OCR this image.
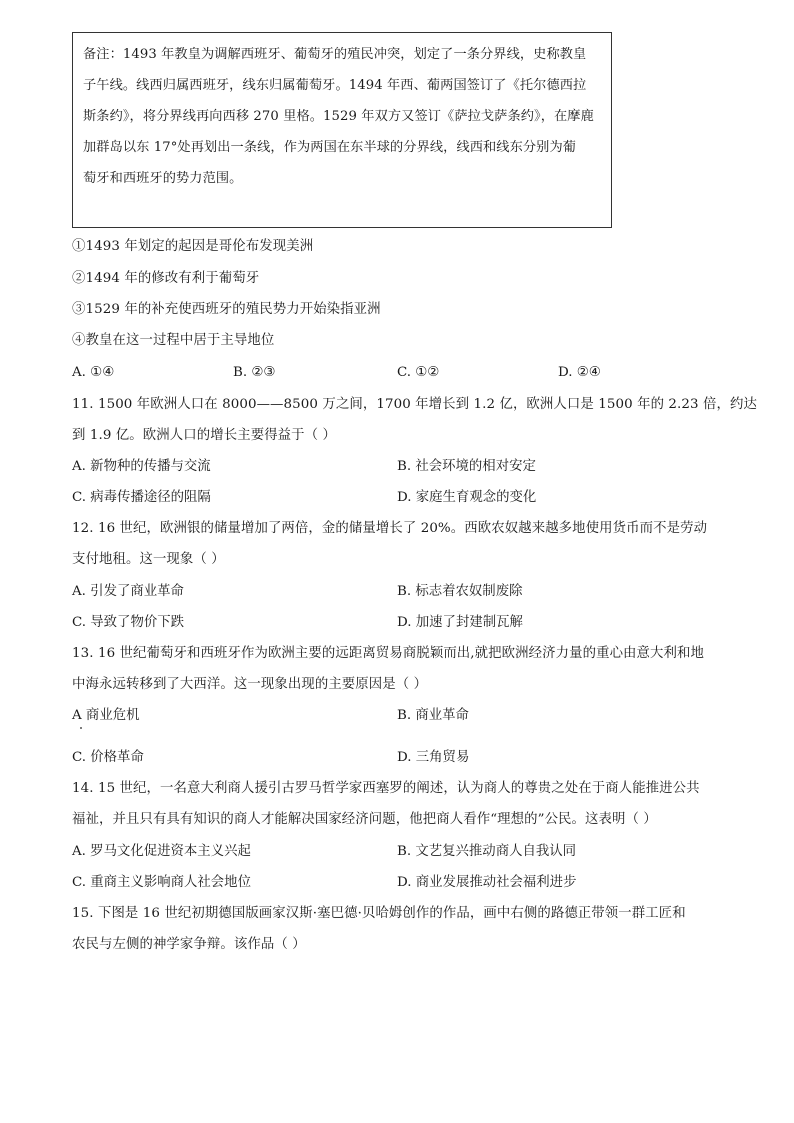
备注：1493 年教皇为调解西班牙、葡萄牙的殖民冲突，划定了一条分界线，史称教皇
子午线。线西归属西班牙，线东归属葡萄牙。1494 年西、葡两国签订了《托尔德西拉
斯条约》，将分界线再向西移 270 里格。1529 年双方又签订《萨拉戈萨条约》，在摩鹿
加群岛以东 17°处再划出一条线，作为两国在东半球的分界线，线西和线东分别为葡
萄牙和西班牙的势力范围。
①1493 年划定的起因是哥伦布发现美洲
②1494 年的修改有利于葡萄牙
③1529 年的补充使西班牙的殖民势力开始染指亚洲
④教皇在这一过程中居于主导地位
A. ①④	B. ②③	C. ①②	D. ②④
11. 1500 年欧洲人口在 8000——8500 万之间，1700 年增长到 1.2 亿，欧洲人口是 1500 年的 2.23 倍，约达
到 1.9 亿。欧洲人口的增长主要得益于（ ）
A. 新物种的传播与交流	B. 社会环境的相对安定
C. 病毒传播途径的阻隔	D. 家庭生育观念的变化
12. 16 世纪，欧洲银的储量增加了两倍，金的储量增长了 20%。西欧农奴越来越多地使用货币而不是劳动
支付地租。这一现象（ ）
A. 引发了商业革命	B. 标志着农奴制废除
C. 导致了物价下跌	D. 加速了封建制瓦解
13. 16 世纪葡萄牙和西班牙作为欧洲主要的远距离贸易商脱颖而出,就把欧洲经济力量的重心由意大利和地
中海永远转移到了大西洋。这一现象出现的主要原因是（ ）
A 商业危机	B. 商业革命
C. 价格革命	D. 三角贸易
14. 15 世纪，一名意大利商人援引古罗马哲学家西塞罗的阐述，认为商人的尊贵之处在于商人能推进公共
福祉，并且只有具有知识的商人才能解决国家经济问题，他把商人看作“理想的”公民。这表明（ ）
A. 罗马文化促进资本主义兴起	B. 文艺复兴推动商人自我认同
C. 重商主义影响商人社会地位	D. 商业发展推动社会福利进步
15. 下图是 16 世纪初期德国版画家汉斯·塞巴德·贝哈姆创作的作品，画中右侧的路德正带领一群工匠和
农民与左侧的神学家争辩。该作品（ ）
